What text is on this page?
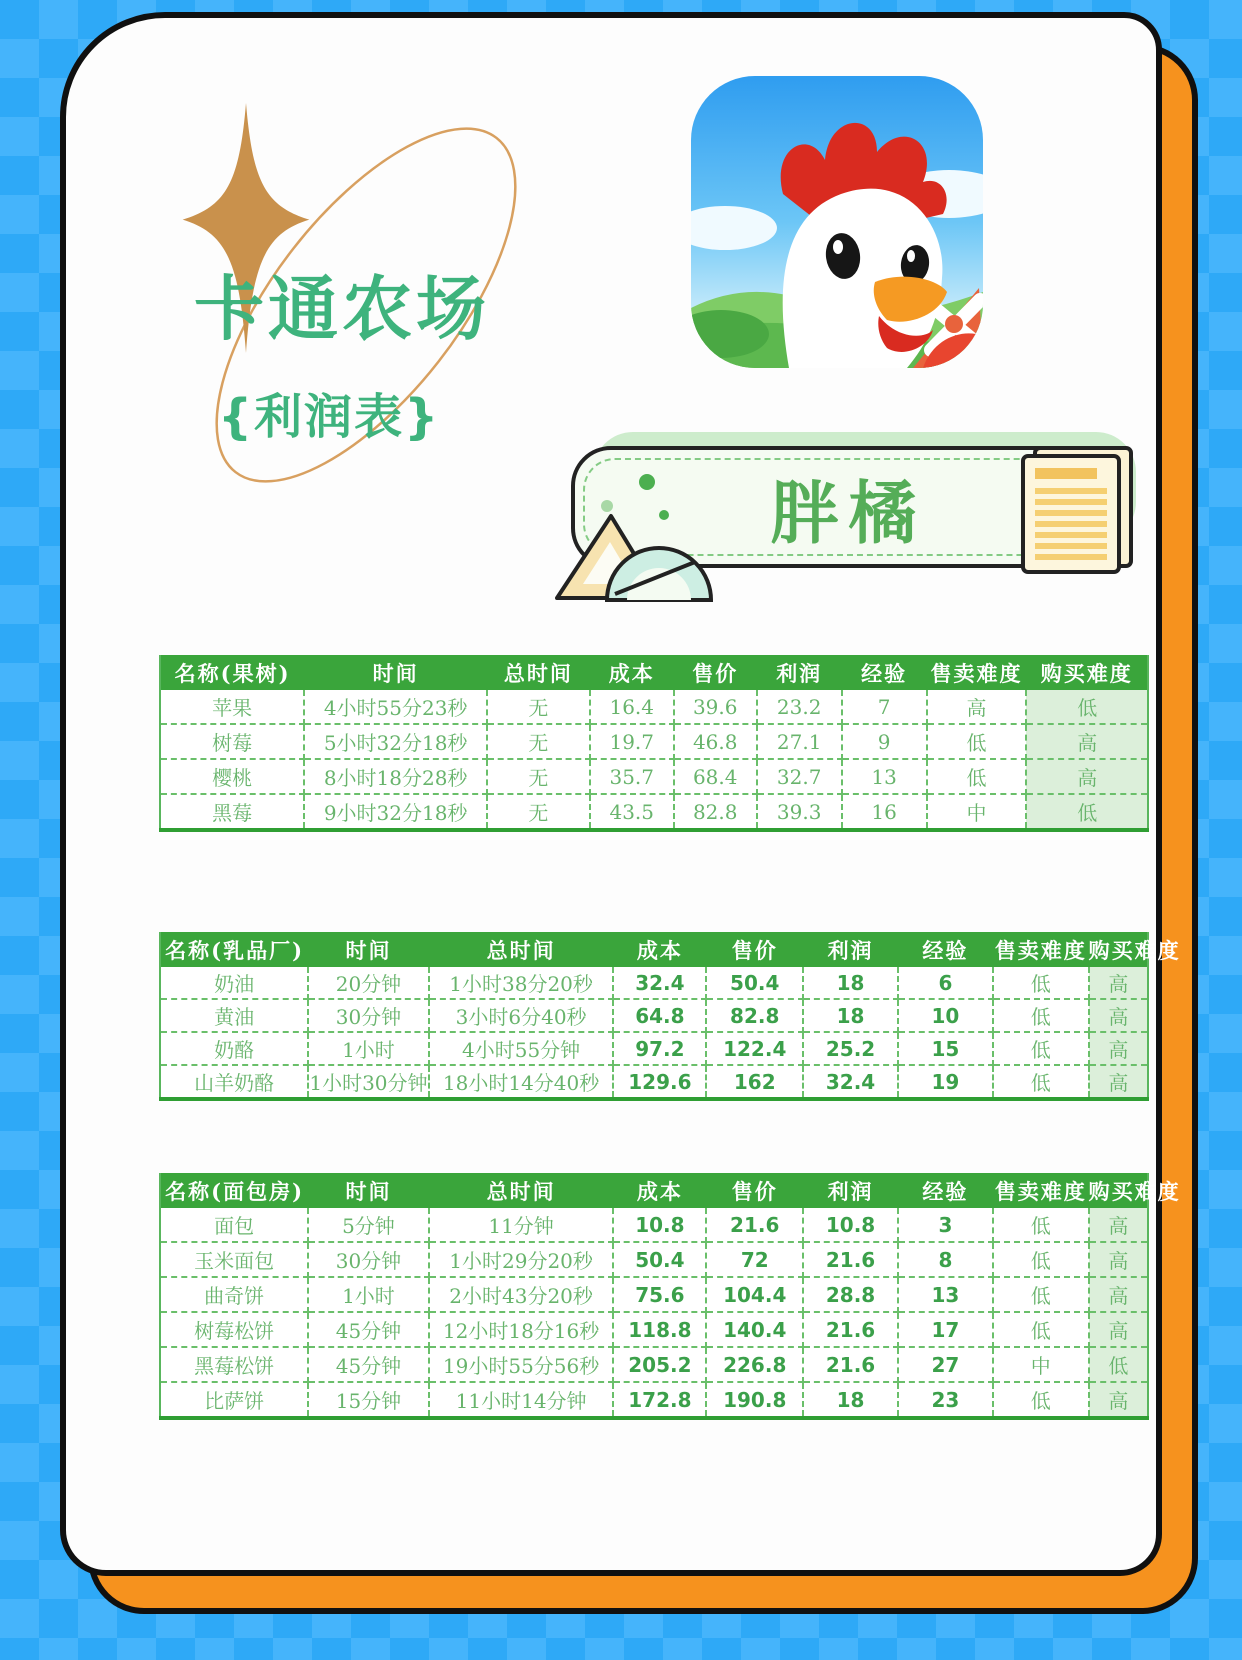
卡通农场
{利润表}
胖橘
名称(果树)	时间	总时间	成本	售价	利润	经验	售卖难度	购买难度
苹果	4小时55分23秒	无	16.4	39.6	23.2	7	高	低
树莓	5小时32分18秒	无	19.7	46.8	27.1	9	低	高
樱桃	8小时18分28秒	无	35.7	68.4	32.7	13	低	高
黑莓	9小时32分18秒	无	43.5	82.8	39.3	16	中	低
名称(乳品厂)	时间	总时间	成本	售价	利润	经验	售卖难度	购买难度
奶油	20分钟	1小时38分20秒	32.4	50.4	18	6	低	高
黄油	30分钟	3小时6分40秒	64.8	82.8	18	10	低	高
奶酪	1小时	4小时55分钟	97.2	122.4	25.2	15	低	高
山羊奶酪	1小时30分钟	18小时14分40秒	129.6	162	32.4	19	低	高
名称(面包房)	时间	总时间	成本	售价	利润	经验	售卖难度	购买难度
面包	5分钟	11分钟	10.8	21.6	10.8	3	低	高
玉米面包	30分钟	1小时29分20秒	50.4	72	21.6	8	低	高
曲奇饼	1小时	2小时43分20秒	75.6	104.4	28.8	13	低	高
树莓松饼	45分钟	12小时18分16秒	118.8	140.4	21.6	17	低	高
黑莓松饼	45分钟	19小时55分56秒	205.2	226.8	21.6	27	中	低
比萨饼	15分钟	11小时14分钟	172.8	190.8	18	23	低	高
